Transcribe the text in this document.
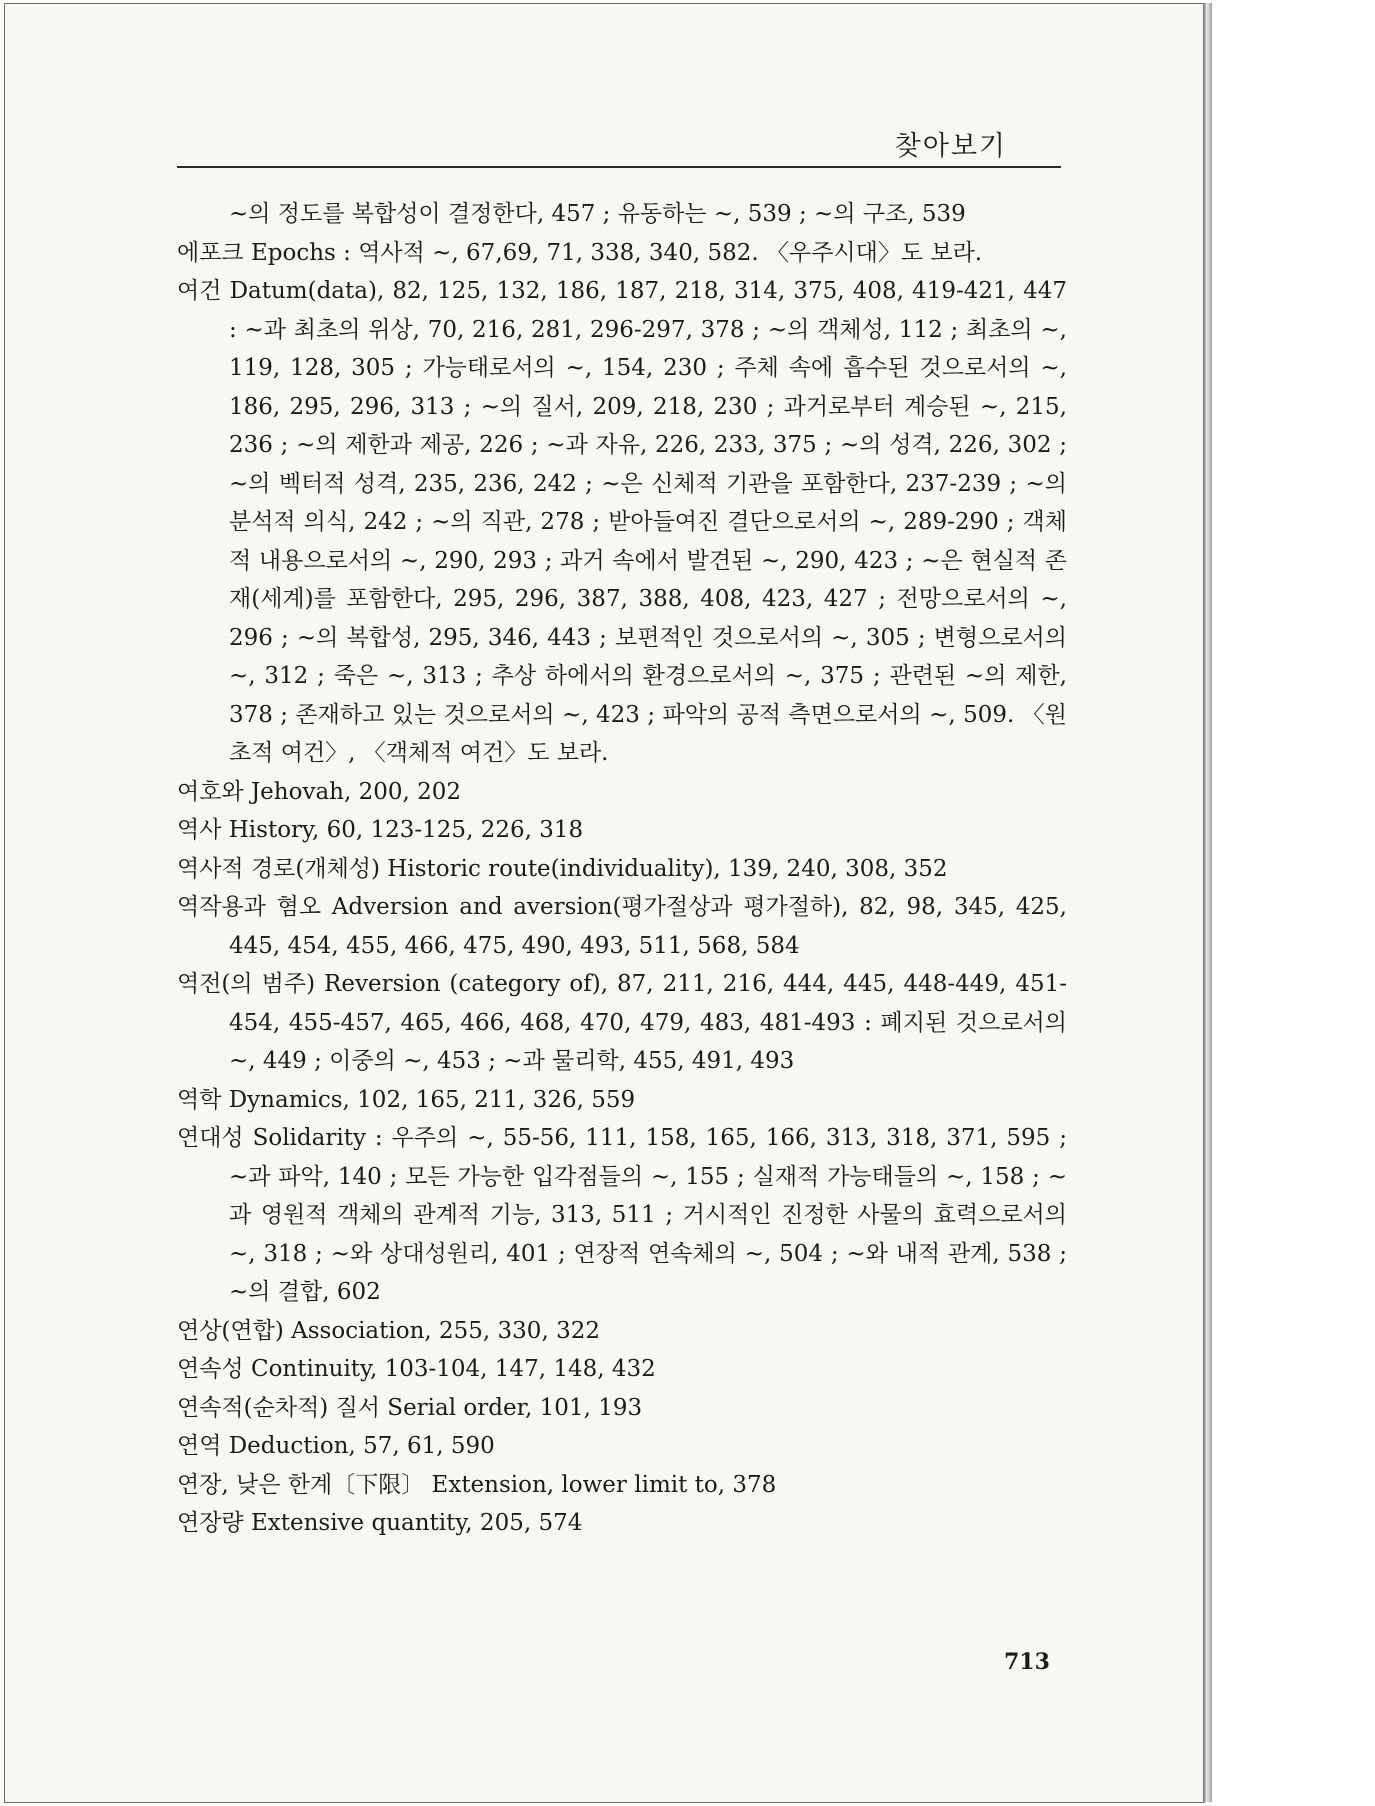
찾아보기
~의 정도를 복합성이 결정한다, 457 ; 유동하는 ~, 539 ; ~의 구조, 539
에포크 Epochs : 역사적 ~, 67,69, 71, 338, 340, 582. 〈우주시대〉도 보라.
여건 Datum(data), 82, 125, 132, 186, 187, 218, 314, 375, 408, 419-421, 447 : ~과 최초의 위상, 70, 216, 281, 296-297, 378 ; ~의 객체성, 112 ; 최초의 ~, 119, 128, 305 ; 가능태로서의 ~, 154, 230 ; 주체 속에 흡수된 것으로서의 ~, 186, 295, 296, 313 ; ~의 질서, 209, 218, 230 ; 과거로부터 계승된 ~, 215, 236 ; ~의 제한과 제공, 226 ; ~과 자유, 226, 233, 375 ; ~의 성격, 226, 302 ; ~의 벡터적 성격, 235, 236, 242 ; ~은 신체적 기관을 포함한다, 237-239 ; ~의 분석적 의식, 242 ; ~의 직관, 278 ; 받아들여진 결단으로서의 ~, 289-290 ; 객체적 내용으로서의 ~, 290, 293 ; 과거 속에서 발견된 ~, 290, 423 ; ~은 현실적 존재(세계)를 포함한다, 295, 296, 387, 388, 408, 423, 427 ; 전망으로서의 ~, 296 ; ~의 복합성, 295, 346, 443 ; 보편적인 것으로서의 ~, 305 ; 변형으로서의 ~, 312 ; 죽은 ~, 313 ; 추상 하에서의 환경으로서의 ~, 375 ; 관련된 ~의 제한, 378 ; 존재하고 있는 것으로서의 ~, 423 ; 파악의 공적 측면으로서의 ~, 509. 〈원초적 여건〉, 〈객체적 여건〉도 보라.
여호와 Jehovah, 200, 202
역사 History, 60, 123-125, 226, 318
역사적 경로(개체성) Historic route(individuality), 139, 240, 308, 352
역작용과 혐오 Adversion and aversion(평가절상과 평가절하), 82, 98, 345, 425, 445, 454, 455, 466, 475, 490, 493, 511, 568, 584
역전(의 범주) Reversion (category of), 87, 211, 216, 444, 445, 448-449, 451-454, 455-457, 465, 466, 468, 470, 479, 483, 481-493 : 폐지된 것으로서의 ~, 449 ; 이중의 ~, 453 ; ~과 물리학, 455, 491, 493
역학 Dynamics, 102, 165, 211, 326, 559
연대성 Solidarity : 우주의 ~, 55-56, 111, 158, 165, 166, 313, 318, 371, 595 ; ~과 파악, 140 ; 모든 가능한 입각점들의 ~, 155 ; 실재적 가능태들의 ~, 158 ; ~과 영원적 객체의 관계적 기능, 313, 511 ; 거시적인 진정한 사물의 효력으로서의 ~, 318 ; ~와 상대성원리, 401 ; 연장적 연속체의 ~, 504 ; ~와 내적 관계, 538 ; ~의 결합, 602
연상(연합) Association, 255, 330, 322
연속성 Continuity, 103-104, 147, 148, 432
연속적(순차적) 질서 Serial order, 101, 193
연역 Deduction, 57, 61, 590
연장, 낮은 한계〔下限〕 Extension, lower limit to, 378
연장량 Extensive quantity, 205, 574
713
